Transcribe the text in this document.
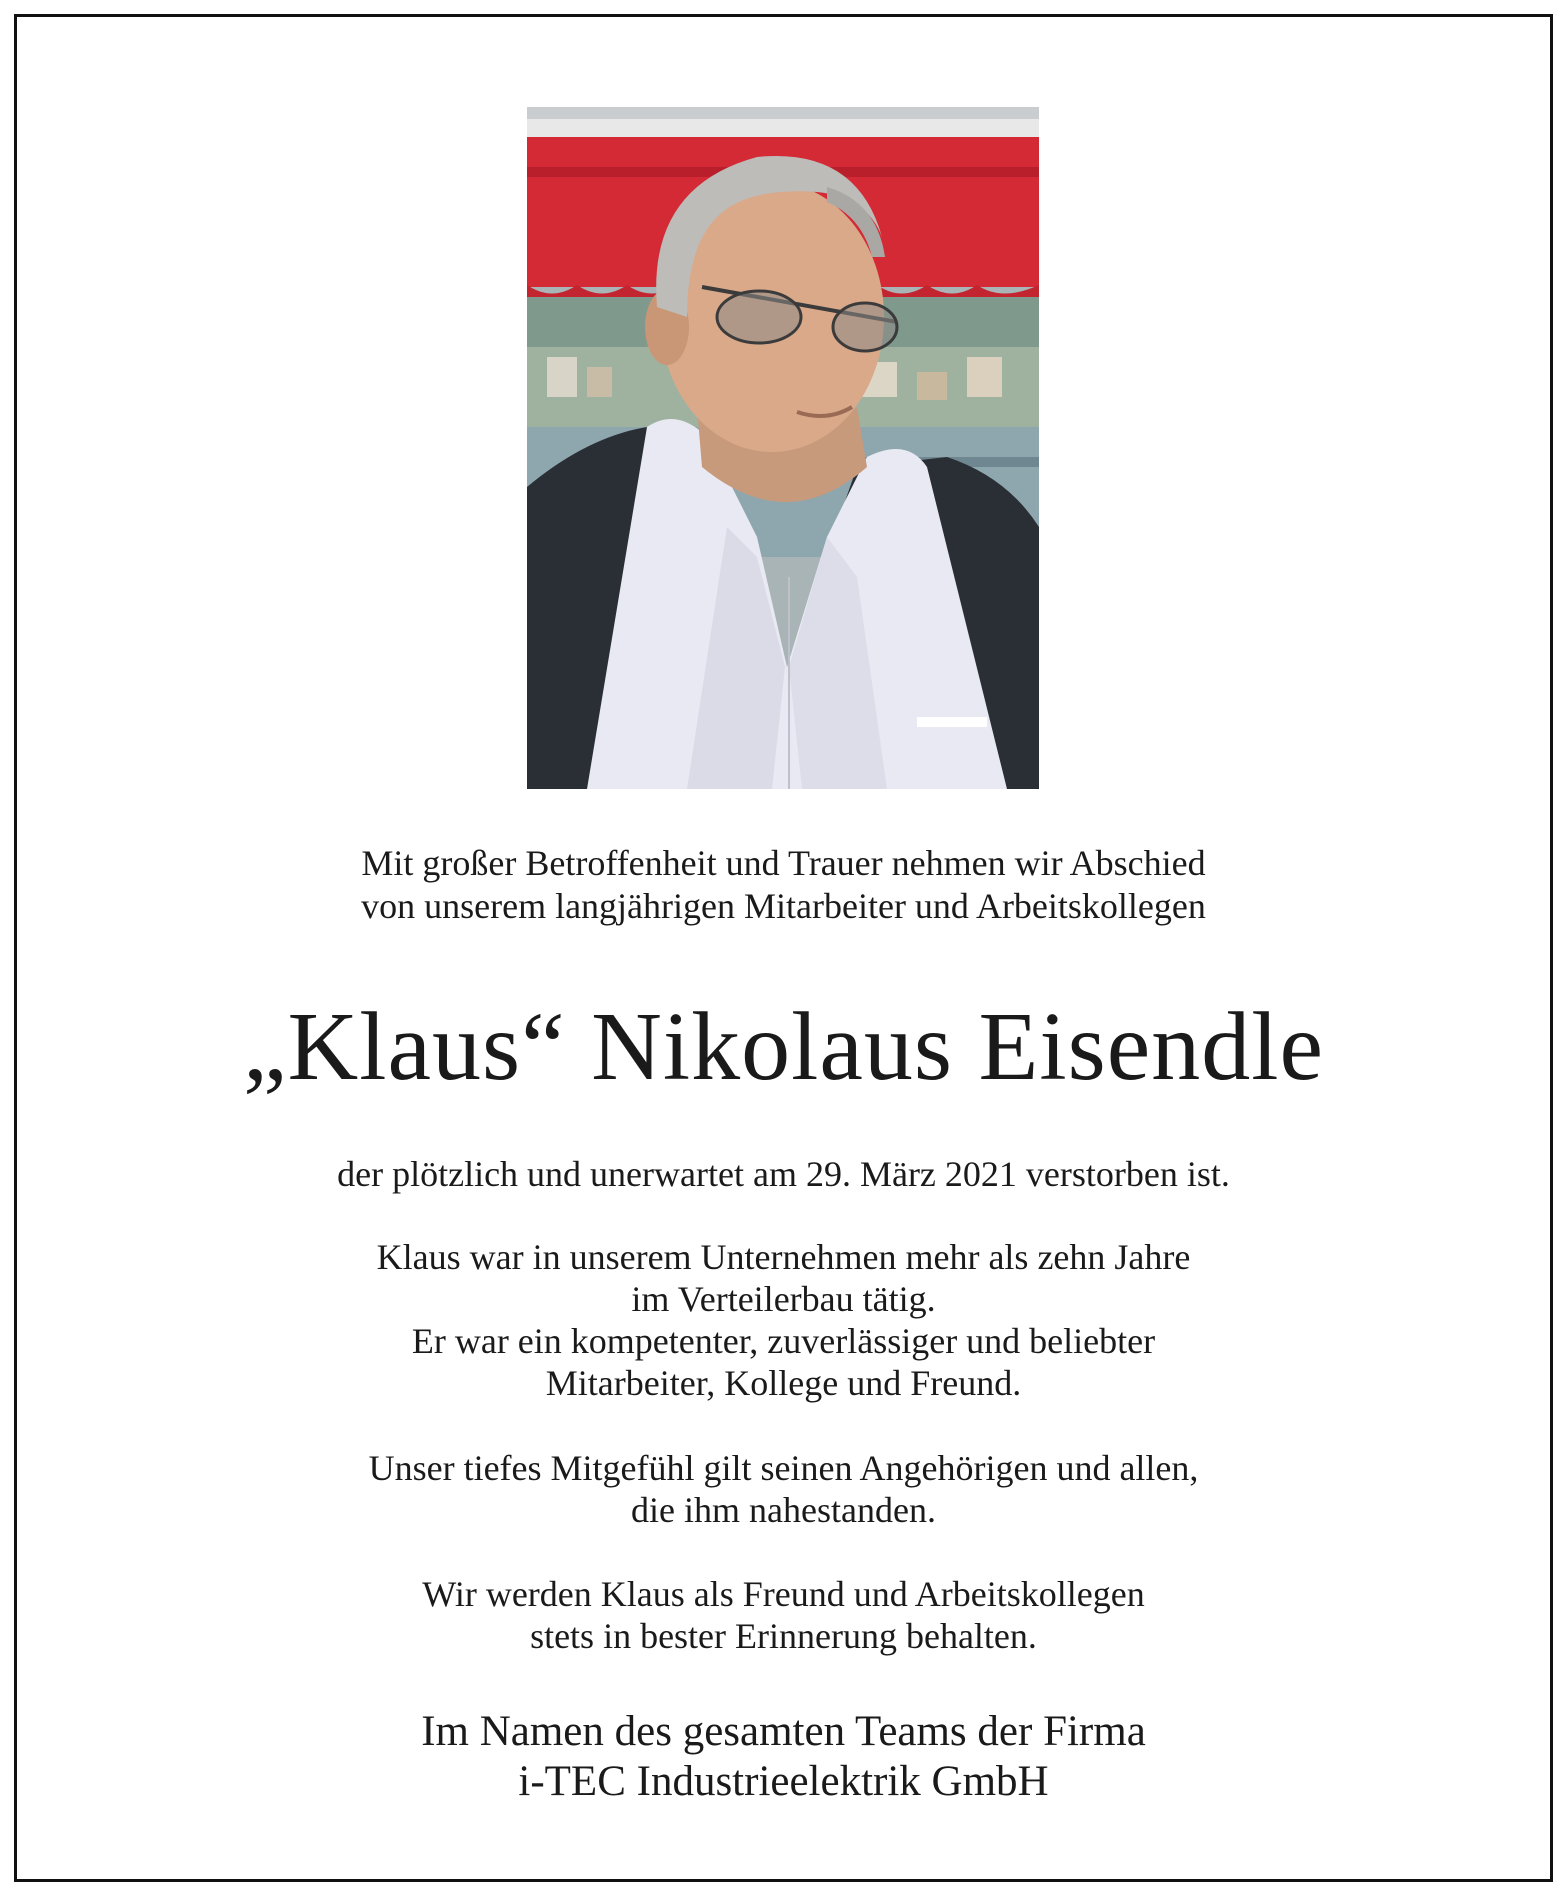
Mit großer Betroffenheit und Trauer nehmen wir Abschied

von unserem langjährigen Mitarbeiter und Arbeitskollegen

„Klaus“ Nikolaus Eisendle
der plötzlich und unerwartet am 29. März 2021 verstorben ist.

Klaus war in unserem Unternehmen mehr als zehn Jahre

im Verteilerbau tätig.

Er war ein kompetenter, zuverlässiger und beliebter

Mitarbeiter, Kollege und Freund.

Unser tiefes Mitgefühl gilt seinen Angehörigen und allen,

die ihm nahestanden.

Wir werden Klaus als Freund und Arbeitskollegen

stets in bester Erinnerung behalten.

Im Namen des gesamten Teams der Firma

i-TEC Industrieelektrik GmbH
